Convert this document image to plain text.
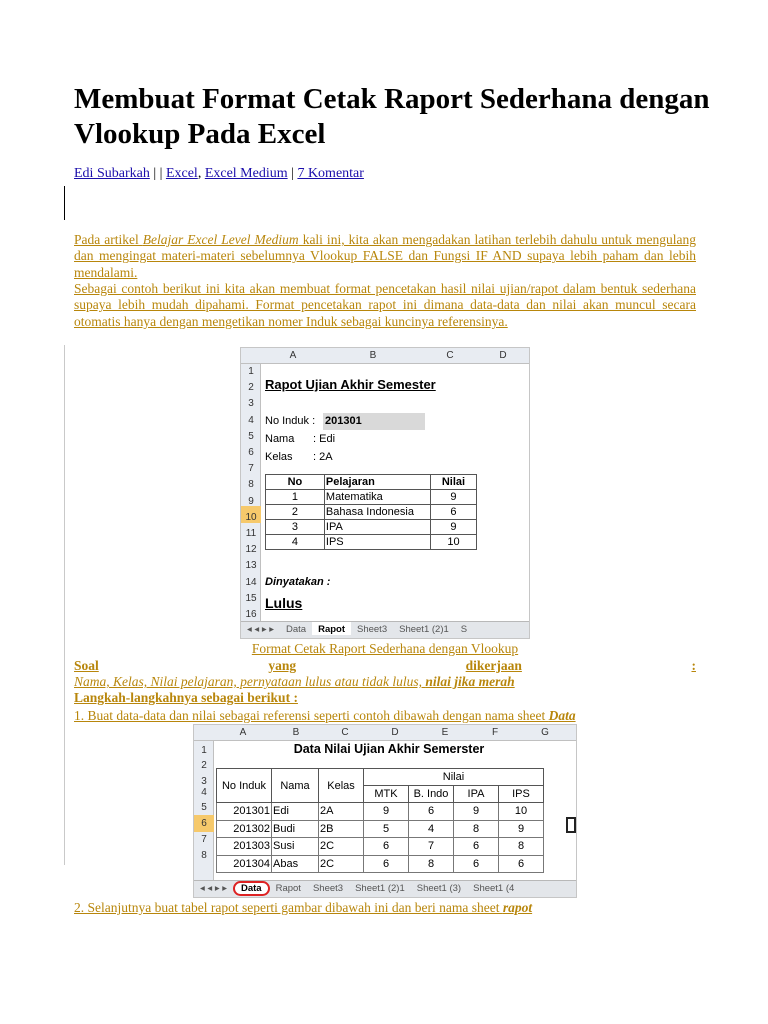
Membuat Format Cetak Raport Sederhana dengan Vlookup Pada Excel
Edi Subarkah | | Excel, Excel Medium | 7 Komentar
Pada artikel Belajar Excel Level Medium kali ini, kita akan mengadakan latihan terlebih dahulu untuk mengulang dan mengingat materi-materi sebelumnya Vlookup FALSE dan Fungsi IF AND supaya lebih paham dan lebih mendalami.
Sebagai contoh berikut ini kita akan membuat format pencetakan hasil nilai ujian/rapot dalam bentuk sederhana supaya lebih mudah dipahami. Format pencetakan rapot ini dimana data-data dan nilai akan muncul secara otomatis hanya dengan mengetikan nomer Induk sebagai kuncinya referensinya.
A	B	C	D
1
2
3
4
5
6
7
8
9
10
11
12
13
14
15
16
Rapot Ujian Akhir Semester
No Induk : 201301
Nama : Edi
Kelas : 2A
No	Pelajaran	Nilai
1	Matematika	9
2	Bahasa Indonesia	6
3	IPA	9
4	IPS	10
Dinyatakan :
Lulus
◂ ◂ ▸ ▸ Data Rapot Sheet3 Sheet1 (2)1 S
Format Cetak Raport Sederhana dengan Vlookup
Soal	yang	dikerjaan	:
Nama, Kelas, Nilai pelajaran, pernyataan lulus atau tidak lulus, nilai jika merah
Langkah-langkahnya sebagai berikut :
1. Buat data-data dan nilai sebagai referensi seperti contoh dibawah dengan nama sheet Data
A	B	C	D	E	F	G
1
2
3
4
5
6
7
8
Data Nilai Ujian Akhir Semerster
No Induk	Nama	Kelas	Nilai			
			MTK	B. Indo	IPA	IPS
201301	Edi	2A	9	6	9	10
201302	Budi	2B	5	4	8	9
201303	Susi	2C	6	7	6	8
201304	Abas	2C	6	8	6	6
◂ ◂ ▸ ▸ Data Rapot Sheet3 Sheet1 (2)1 Sheet1 (3) Sheet1 (4
2. Selanjutnya buat tabel rapot seperti gambar dibawah ini dan beri nama sheet rapot
